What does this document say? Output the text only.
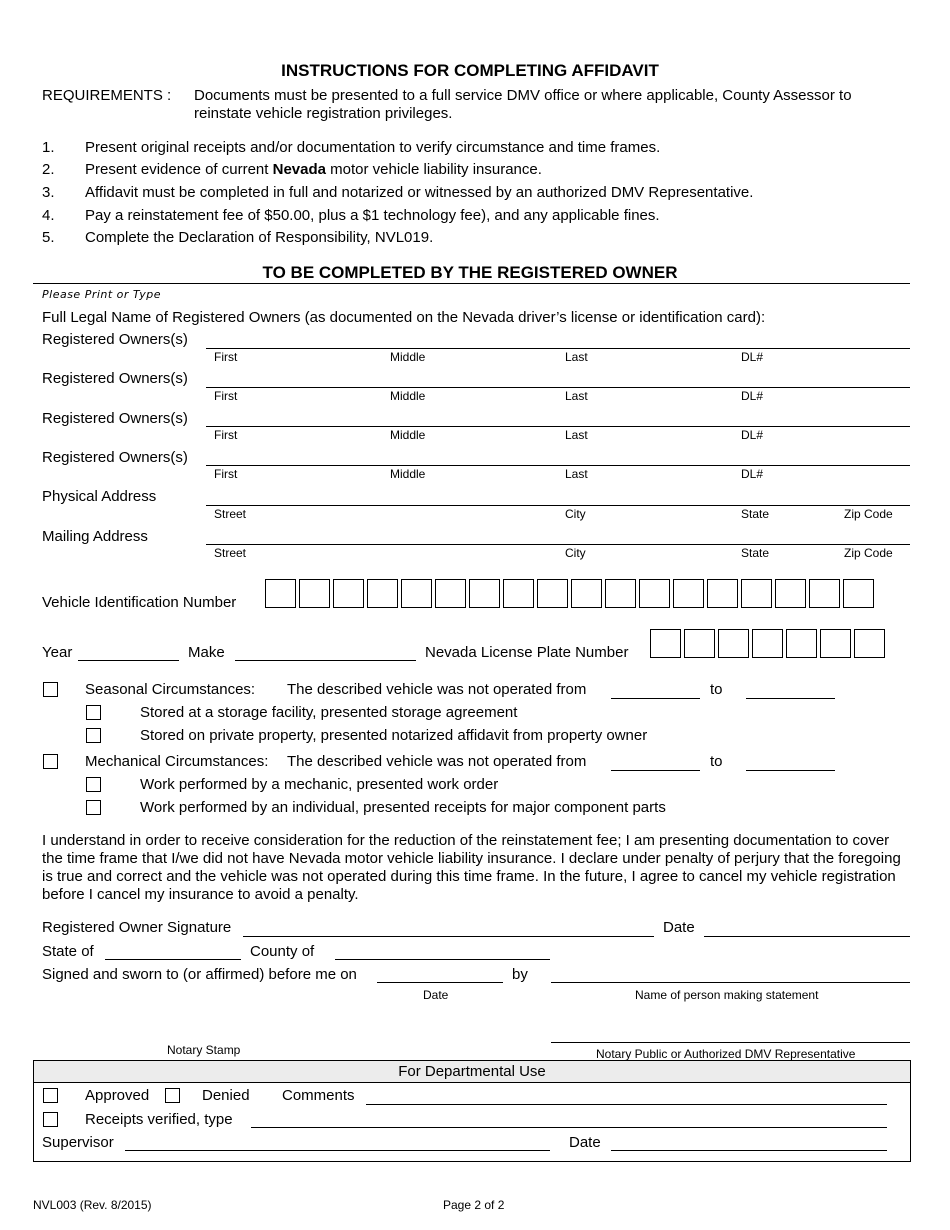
INSTRUCTIONS FOR COMPLETING AFFIDAVIT
REQUIREMENTS : Documents must be presented to a full service DMV office or where applicable, County Assessor to reinstate vehicle registration privileges.
1. Present original receipts and/or documentation to verify circumstance and time frames.
2. Present evidence of current Nevada motor vehicle liability insurance.
3. Affidavit must be completed in full and notarized or witnessed by an authorized DMV Representative.
4. Pay a reinstatement fee of $50.00, plus a $1 technology fee), and any applicable fines.
5. Complete the Declaration of Responsibility, NVL019.
TO BE COMPLETED BY THE REGISTERED OWNER
Please Print or Type
Full Legal Name of Registered Owners (as documented on the Nevada driver’s license or identification card):
Registered Owners(s)
First	Middle	Last	DL#
Registered Owners(s)
First	Middle	Last	DL#
Registered Owners(s)
First	Middle	Last	DL#
Registered Owners(s)
First	Middle	Last	DL#
Physical Address
Street	City	State	Zip Code
Mailing Address
Street	City	State	Zip Code
Vehicle Identification Number
Year	Make	Nevada License Plate Number
Seasonal Circumstances: The described vehicle was not operated from	to
Stored at a storage facility, presented storage agreement
Stored on private property, presented notarized affidavit from property owner
Mechanical Circumstances: The described vehicle was not operated from	to
Work performed by a mechanic, presented work order
Work performed by an individual, presented receipts for major component parts
I understand in order to receive consideration for the reduction of the reinstatement fee; I am presenting documentation to cover the time frame that I/we did not have Nevada motor vehicle liability insurance. I declare under penalty of perjury that the foregoing is true and correct and the vehicle was not operated during this time frame. In the future, I agree to cancel my vehicle registration before I cancel my insurance to avoid a penalty.
Registered Owner Signature	Date
State of	County of
Signed and sworn to (or affirmed) before me on	by
Date	Name of person making statement
Notary Stamp	Notary Public or Authorized DMV Representative
For Departmental Use
Approved	Denied Comments
Receipts verified, type
Supervisor	Date
NVL003 (Rev. 8/2015)	Page 2 of 2
